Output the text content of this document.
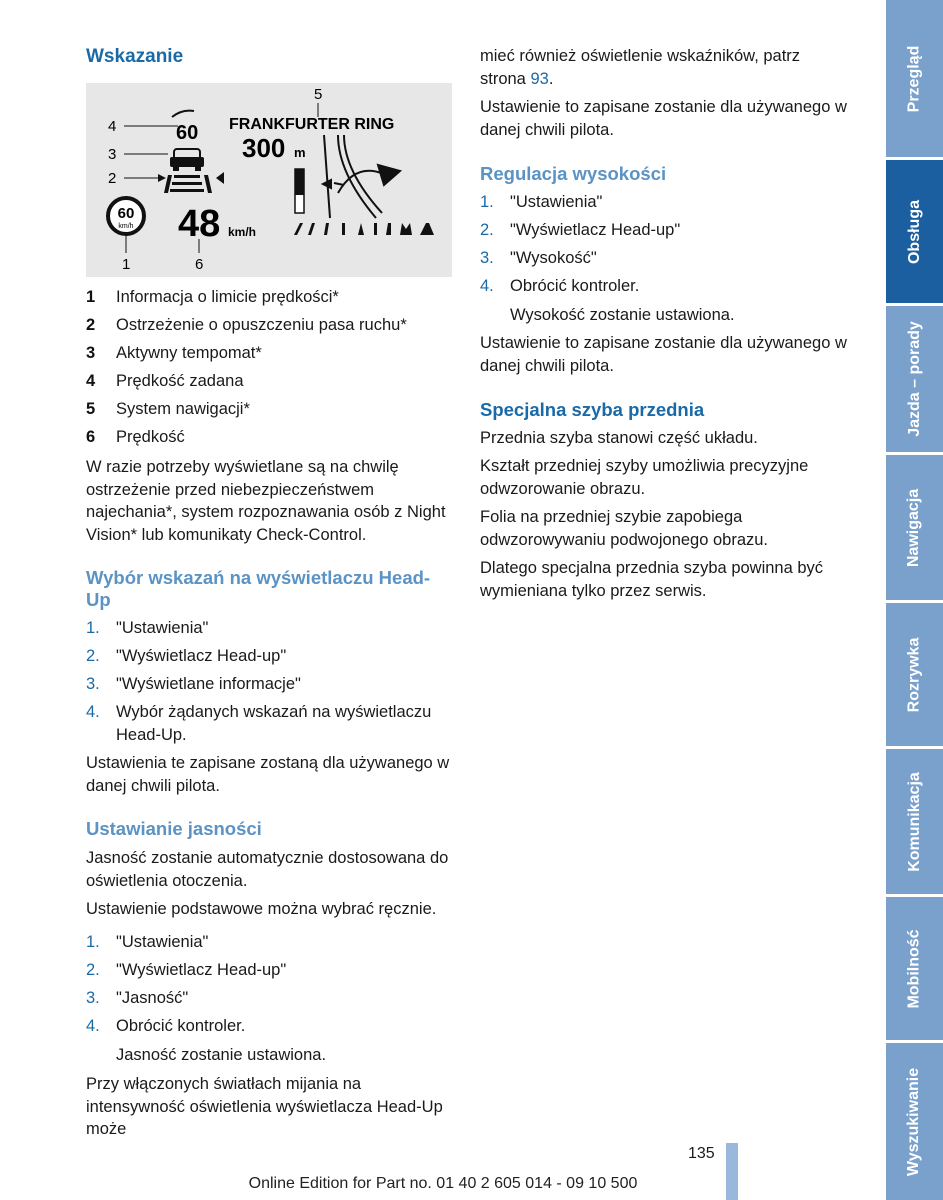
Wskazanie
4
3
2
1	6
5
60
60
km/h 48 km/h
FRANKFURTER RING
300 m
1 Informacja o limicie prędkości*
2 Ostrzeżenie o opuszczeniu pasa ruchu*
3 Aktywny tempomat*
4 Prędkość zadana
5 System nawigacji*
6 Prędkość

W razie potrzeby wyświetlane są na chwilę ostrzeżenie przed niebezpieczeństwem najechania*, system rozpoznawania osób z Night Vision* lub komunikaty Check-Control.

Wybór wskazań na wyświetlaczu Head-Up
1. "Ustawienia"
2. "Wyświetlacz Head-up"
3. "Wyświetlane informacje"
4. Wybór żądanych wskazań na wyświetlaczu Head-Up.

Ustawienia te zapisane zostaną dla używanego w danej chwili pilota.

Ustawianie jasności

Jasność zostanie automatycznie dostosowana do oświetlenia otoczenia.

Ustawienie podstawowe można wybrać ręcznie.

1. "Ustawienia"
2. "Wyświetlacz Head-up"
3. "Jasność"
4. Obrócić kontroler.

Jasność zostanie ustawiona.

Przy włączonych światłach mijania na intensywność oświetlenia wyświetlacza Head-Up może

mieć również oświetlenie wskaźników, patrz strona 93.

Ustawienie to zapisane zostanie dla używanego w danej chwili pilota.

Regulacja wysokości
1. "Ustawienia"
2. "Wyświetlacz Head-up"
3. "Wysokość"
4. Obrócić kontroler.

Wysokość zostanie ustawiona.

Ustawienie to zapisane zostanie dla używanego w danej chwili pilota.

Specjalna szyba przednia

Przednia szyba stanowi część układu.

Kształt przedniej szyby umożliwia precyzyjne odwzorowanie obrazu.

Folia na przedniej szybie zapobiega odwzorowywaniu podwojonego obrazu.

Dlatego specjalna przednia szyba powinna być wymieniana tylko przez serwis.

Przegląd
Obsługa
Jazda – porady
Nawigacja
Rozrywka
Komunikacja
Mobilność
Wyszukiwanie
135
Online Edition for Part no. 01 40 2 605 014 - 09 10 500
